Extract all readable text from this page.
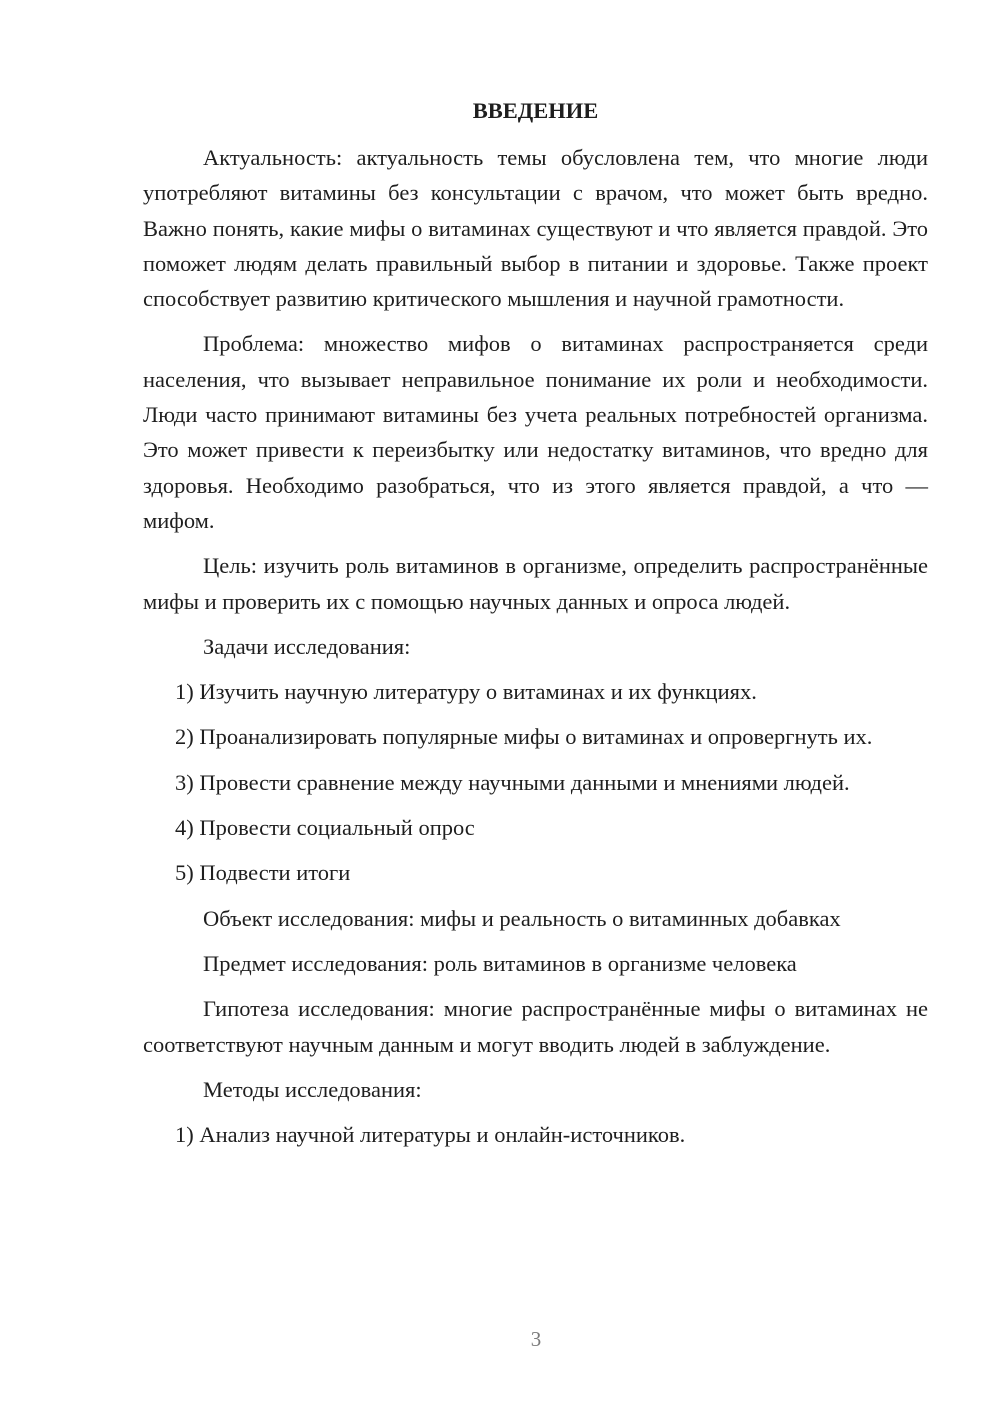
ВВЕДЕНИЕ

Актуальность: актуальность темы обусловлена тем, что многие люди употребляют витамины без консультации с врачом, что может быть вредно. Важно понять, какие мифы о витаминах существуют и что является правдой. Это поможет людям делать правильный выбор в питании и здоровье. Также проект способствует развитию критического мышления и научной грамотности.

Проблема: множество мифов о витаминах распространяется среди населения, что вызывает неправильное понимание их роли и необходимости. Люди часто принимают витамины без учета реальных потребностей организма. Это может привести к переизбытку или недостатку витаминов, что вредно для здоровья. Необходимо разобраться, что из этого является правдой, а что — мифом.

Цель: изучить роль витаминов в организме, определить распространённые мифы и проверить их с помощью научных данных и опроса людей.

Задачи исследования:

1) Изучить научную литературу о витаминах и их функциях.

2) Проанализировать популярные мифы о витаминах и опровергнуть их.

3) Провести сравнение между научными данными и мнениями людей.

4) Провести социальный опрос

5) Подвести итоги

Объект исследования: мифы и реальность о витаминных добавках

Предмет исследования: роль витаминов в организме человека

Гипотеза исследования: многие распространённые мифы о витаминах не соответствуют научным данным и могут вводить людей в заблуждение.

Методы исследования:

1) Анализ научной литературы и онлайн-источников.

3
